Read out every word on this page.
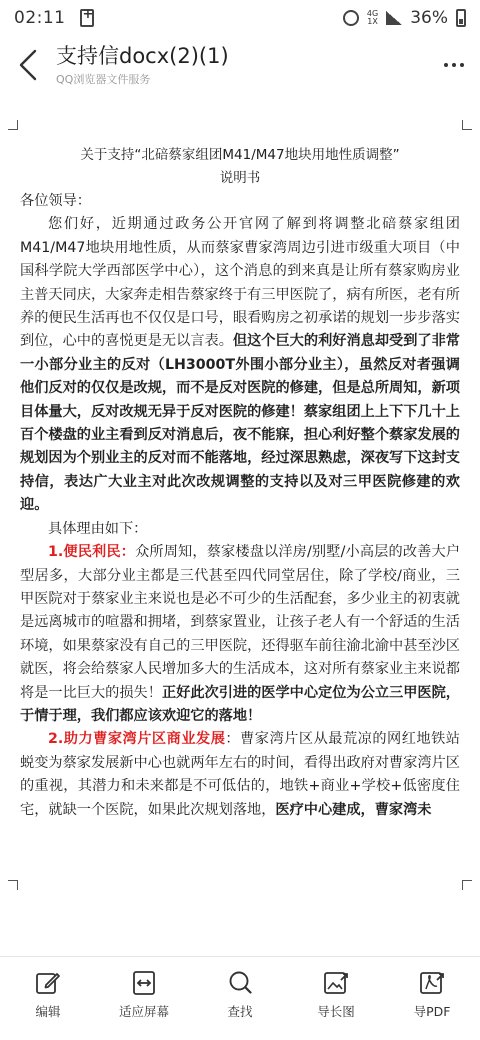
02:11
+	4G
1X 36%
支持信docx(2)(1)
QQ浏览器文件服务
关于支持“北碚蔡家组团M41/M47地块用地性质调整”
说明书

各位领导：

您们好，近期通过政务公开官网了解到将调整北碚蔡家组团M41/M47地块用地性质，从而蔡家曹家湾周边引进市级重大项目（中国科学院大学西部医学中心），这个消息的到来真是让所有蔡家购房业主普天同庆，大家奔走相告蔡家终于有三甲医院了，病有所医，老有所养的便民生活再也不仅仅是口号，眼看购房之初承诺的规划一步步落实到位，心中的喜悦更是无以言表。但这个巨大的利好消息却受到了非常一小部分业主的反对（LH3000T外围小部分业主），虽然反对者强调他们反对的仅仅是改规，而不是反对医院的修建，但是总所周知，新项目体量大，反对改规无异于反对医院的修建！蔡家组团上上下下几十上百个楼盘的业主看到反对消息后，夜不能寐，担心利好整个蔡家发展的规划因为个别业主的反对而不能落地，经过深思熟虑，深夜写下这封支持信，表达广大业主对此次改规调整的支持以及对三甲医院修建的欢迎。

具体理由如下：

1.便民利民：众所周知，蔡家楼盘以洋房/别墅/小高层的改善大户型居多，大部分业主都是三代甚至四代同堂居住，除了学校/商业，三甲医院对于蔡家业主来说也是必不可少的生活配套，多少业主的初衷就是远离城市的喧嚣和拥堵，到蔡家置业，让孩子老人有一个舒适的生活环境，如果蔡家没有自己的三甲医院，还得驱车前往渝北渝中甚至沙区就医，将会给蔡家人民增加多大的生活成本，这对所有蔡家业主来说都将是一比巨大的损失！正好此次引进的医学中心定位为公立三甲医院，于情于理，我们都应该欢迎它的落地！

2.助力曹家湾片区商业发展：曹家湾片区从最荒凉的网红地铁站蜕变为蔡家发展新中心也就两年左右的时间，看得出政府对曹家湾片区的重视，其潜力和未来都是不可低估的，地铁+商业+学校+低密度住宅，就缺一个医院，如果此次规划落地，医疗中心建成，曹家湾未

编辑	适应屏幕	查找	导长图	导PDF
